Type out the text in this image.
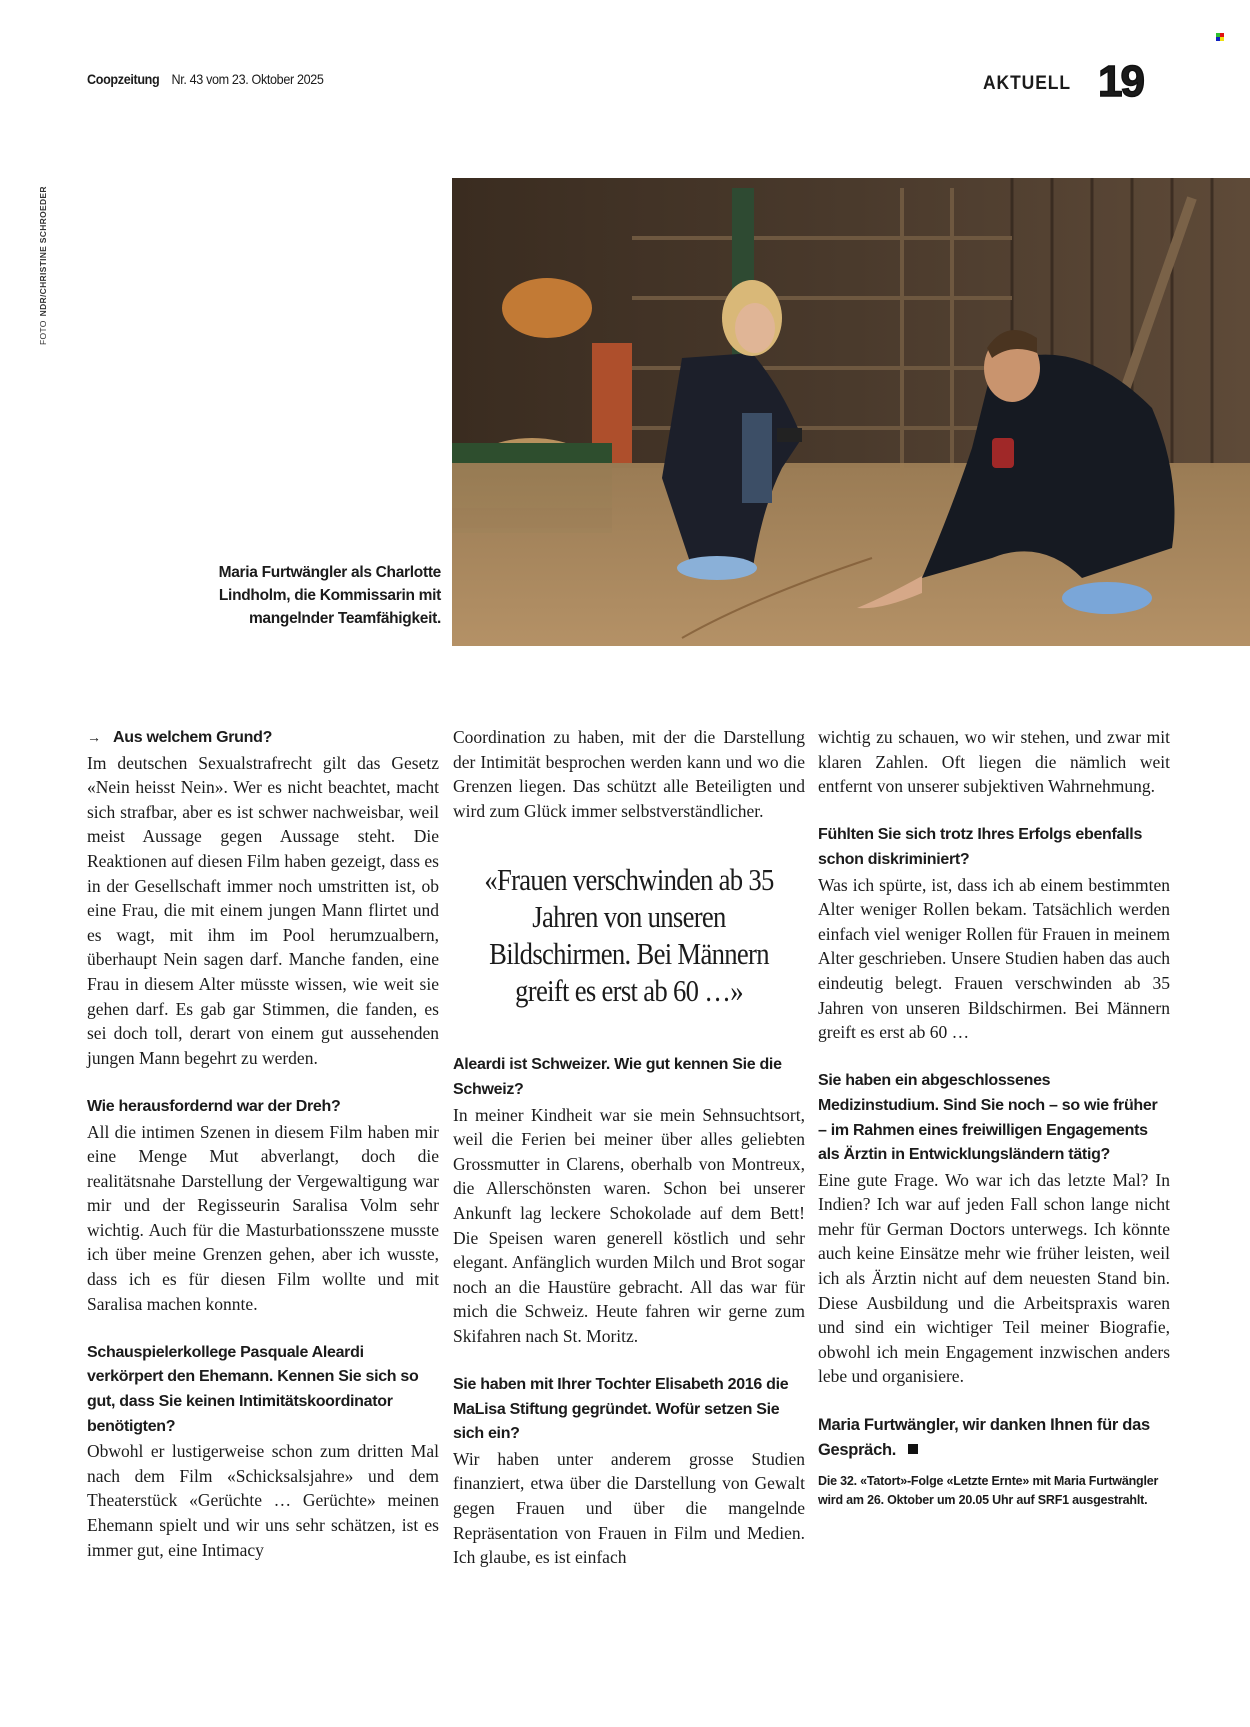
Coopzeitung Nr. 43 vom 23. Oktober 2025	AKTUELL 19
FOTONDR/CHRISTINE SCHROEDER
Maria Furtwängler als Charlotte Lindholm, die Kommissarin mit mangelnder Teamfähigkeit.
→ Aus welchem Grund?

Im deutschen Sexualstrafrecht gilt das Gesetz «Nein heisst Nein». Wer es nicht beachtet, macht sich strafbar, aber es ist schwer nachweisbar, weil meist Aussage gegen Aussage steht. Die Reaktionen auf diesen Film haben gezeigt, dass es in der Gesellschaft immer noch umstritten ist, ob eine Frau, die mit einem jungen Mann flirtet und es wagt, mit ihm im Pool herumzualbern, überhaupt Nein sagen darf. Manche fanden, eine Frau in diesem Alter müsste wissen, wie weit sie gehen darf. Es gab gar Stimmen, die fanden, es sei doch toll, derart von einem gut aussehenden jungen Mann begehrt zu werden.

Wie herausfordernd war der Dreh?

All die intimen Szenen in diesem Film haben mir eine Menge Mut abverlangt, doch die realitätsnahe Darstellung der Vergewaltigung war mir und der Regisseurin Saralisa Volm sehr wichtig. Auch für die Masturbationsszene musste ich über meine Grenzen gehen, aber ich wusste, dass ich es für diesen Film wollte und mit Saralisa machen konnte.

Schauspielerkollege Pasquale Aleardi verkörpert den Ehemann. Kennen Sie sich so gut, dass Sie keinen Intimitätskoordinator benötigten?

Obwohl er lustigerweise schon zum dritten Mal nach dem Film «Schicksalsjahre» und dem Theaterstück «Gerüchte … Gerüchte» meinen Ehemann spielt und wir uns sehr schätzen, ist es immer gut, eine Intimacy

Coordination zu haben, mit der die Darstellung der Intimität besprochen werden kann und wo die Grenzen liegen. Das schützt alle Beteiligten und wird zum Glück immer selbstverständlicher.

«Frauen verschwinden ab 35 Jahren von unseren Bildschirmen. Bei Männern greift es erst ab 60 …»
Aleardi ist Schweizer. Wie gut kennen Sie die Schweiz?

In meiner Kindheit war sie mein Sehnsuchtsort, weil die Ferien bei meiner über alles geliebten Grossmutter in Clarens, oberhalb von Montreux, die Allerschönsten waren. Schon bei unserer Ankunft lag leckere Schokolade auf dem Bett! Die Speisen waren generell köstlich und sehr elegant. Anfänglich wurden Milch und Brot sogar noch an die Haustüre gebracht. All das war für mich die Schweiz. Heute fahren wir gerne zum Skifahren nach St. Moritz.

Sie haben mit Ihrer Tochter Elisabeth 2016 die MaLisa Stiftung gegründet. Wofür setzen Sie sich ein?

Wir haben unter anderem grosse Studien finanziert, etwa über die Darstellung von Gewalt gegen Frauen und über die mangelnde Repräsentation von Frauen in Film und Medien. Ich glaube, es ist einfach

wichtig zu schauen, wo wir stehen, und zwar mit klaren Zahlen. Oft liegen die nämlich weit entfernt von unserer subjektiven Wahrnehmung.

Fühlten Sie sich trotz Ihres Erfolgs ebenfalls schon diskriminiert?

Was ich spürte, ist, dass ich ab einem bestimmten Alter weniger Rollen bekam. Tatsächlich werden einfach viel weniger Rollen für Frauen in meinem Alter geschrieben. Unsere Studien haben das auch eindeutig belegt. Frauen verschwinden ab 35 Jahren von unseren Bildschirmen. Bei Männern greift es erst ab 60 …

Sie haben ein abgeschlossenes Medizinstudium. Sind Sie noch – so wie früher – im Rahmen eines freiwilligen Engagements als Ärztin in Entwicklungsländern tätig?

Eine gute Frage. Wo war ich das letzte Mal? In Indien? Ich war auf jeden Fall schon lange nicht mehr für German Doctors unterwegs. Ich könnte auch keine Einsätze mehr wie früher leisten, weil ich als Ärztin nicht auf dem neuesten Stand bin. Diese Ausbildung und die Arbeitspraxis waren und sind ein wichtiger Teil meiner Biografie, obwohl ich mein Engagement inzwischen anders lebe und organisiere.

Maria Furtwängler, wir danken Ihnen für das Gespräch.
Die 32. «Tatort»-Folge «Letzte Ernte» mit Maria Furtwängler wird am 26. Oktober um 20.05 Uhr auf SRF1 ausgestrahlt.
